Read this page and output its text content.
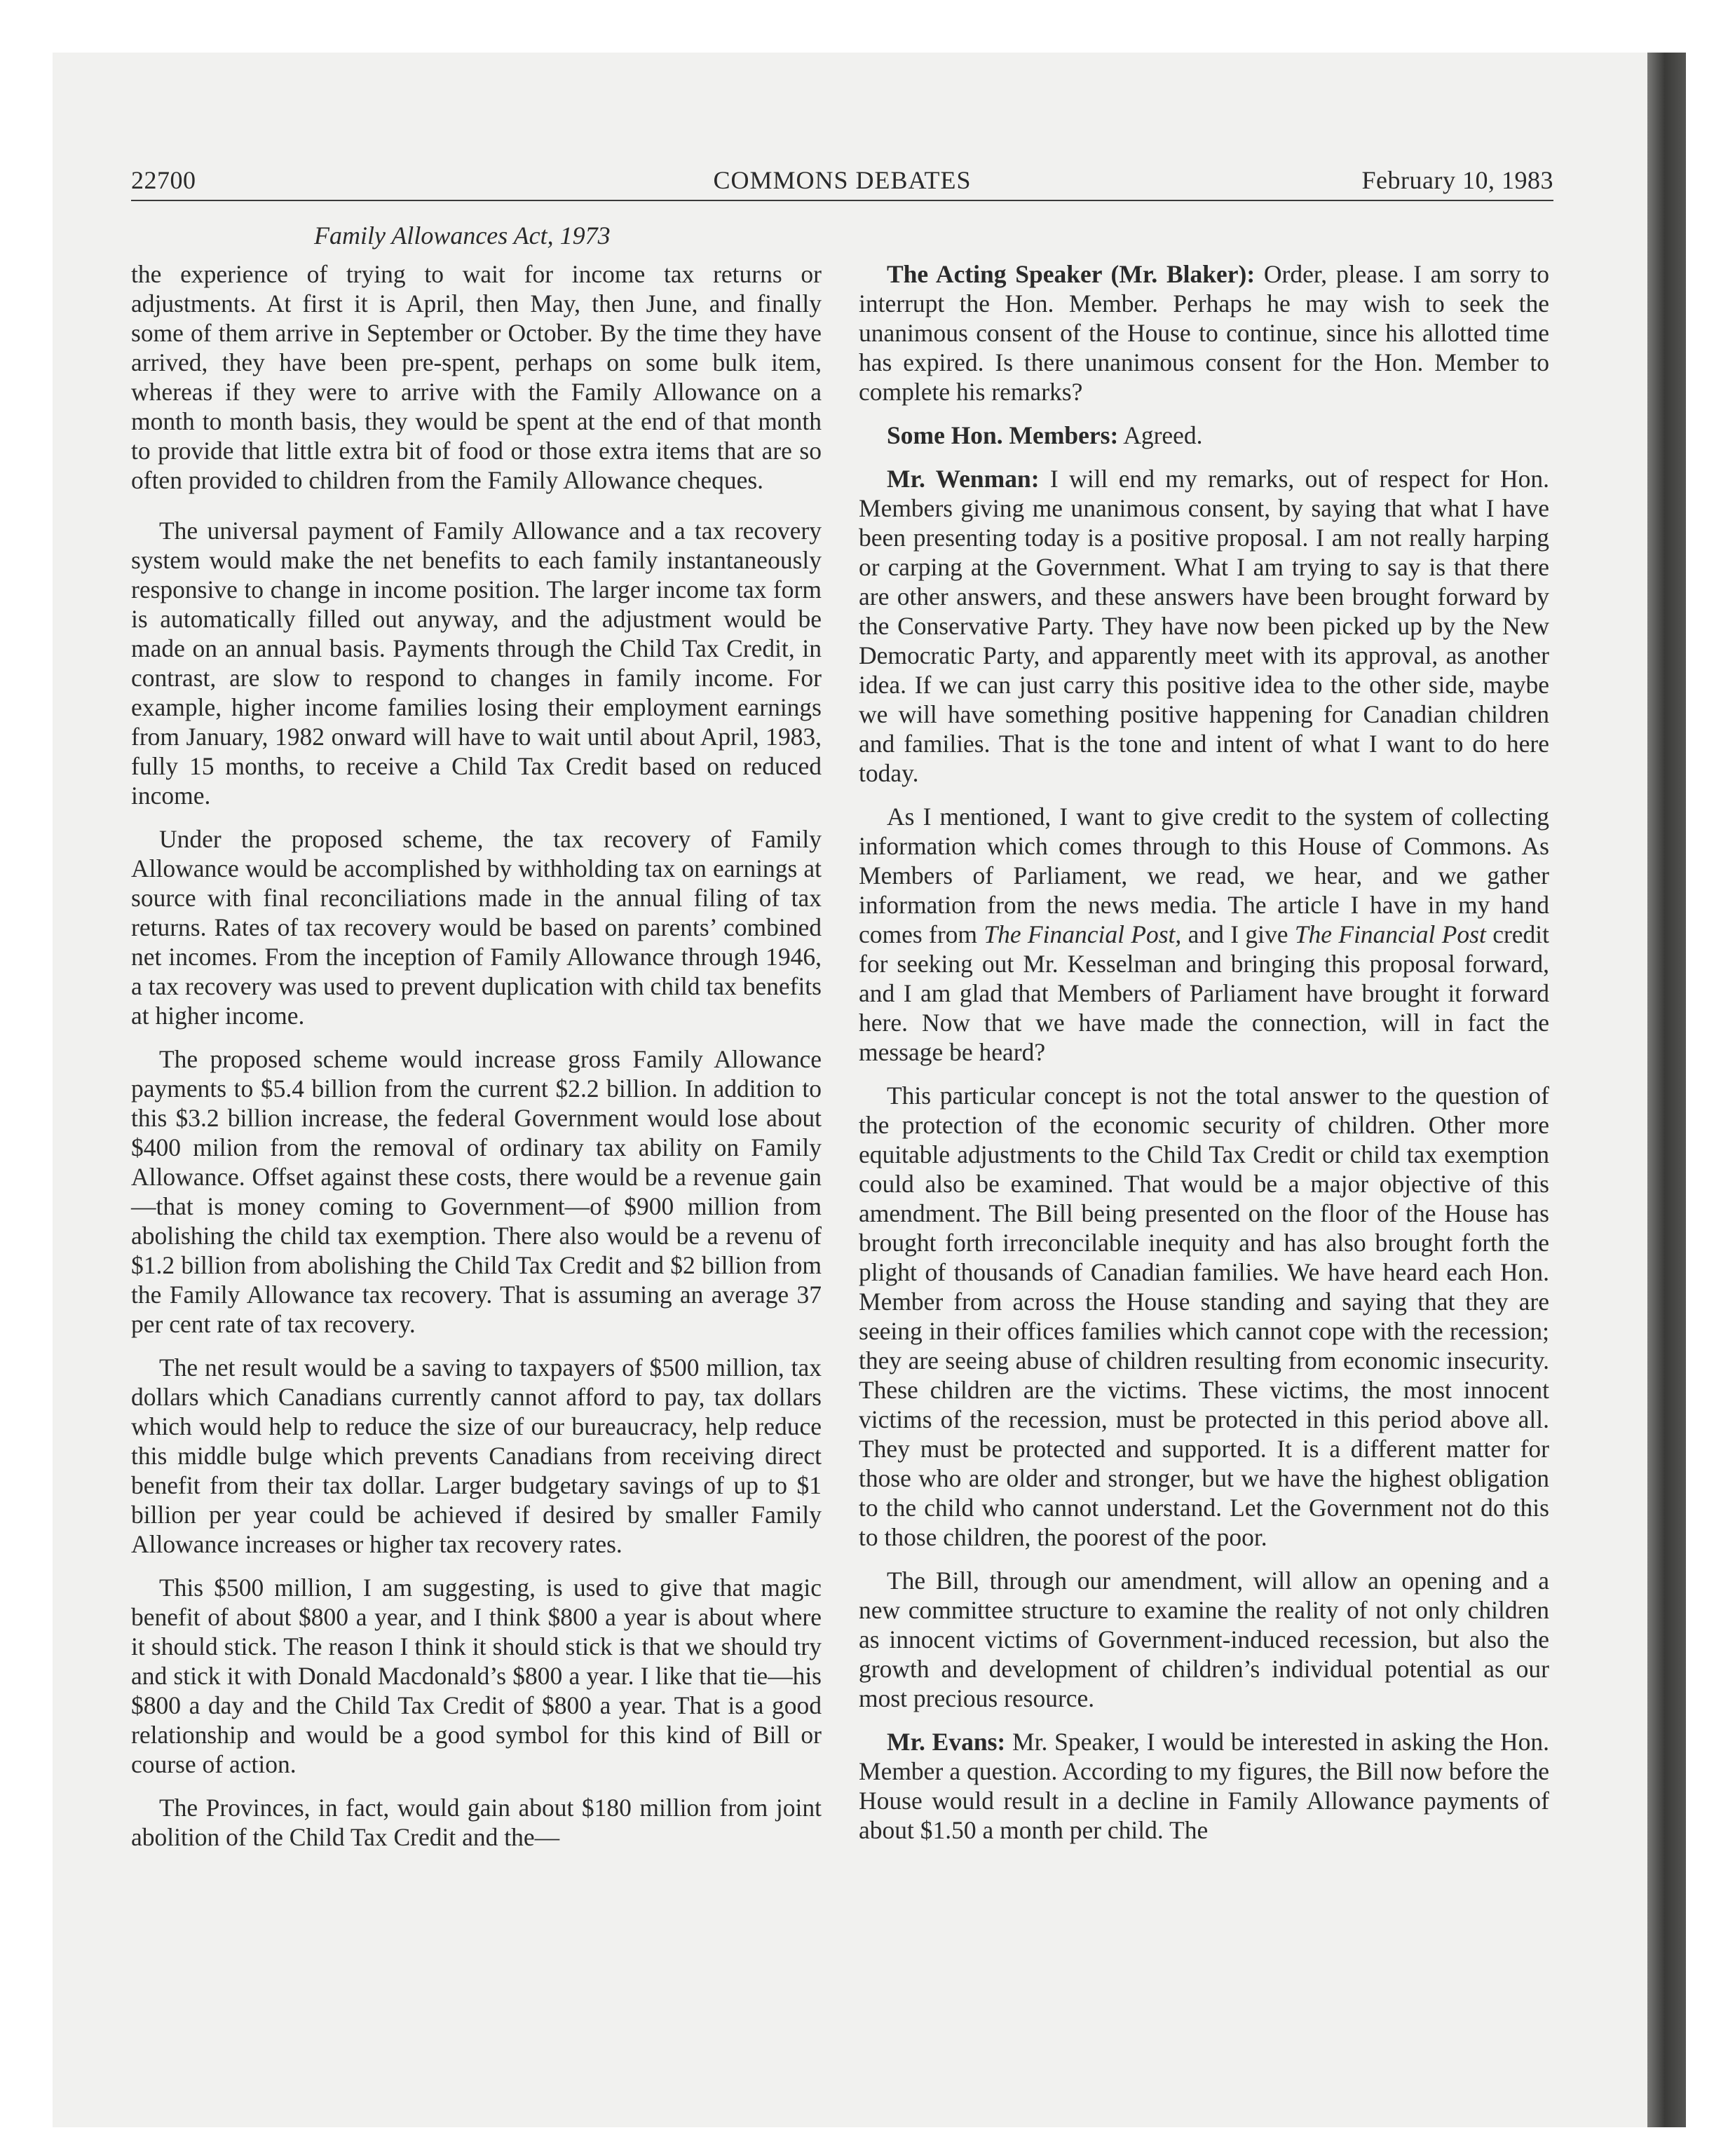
22700	COMMONS DEBATES	February 10, 1983
Family Allowances Act, 1973

the experience of trying to wait for income tax returns or adjustments. At first it is April, then May, then June, and finally some of them arrive in September or October. By the time they have arrived, they have been pre-spent, perhaps on some bulk item, whereas if they were to arrive with the Family Allowance on a month to month basis, they would be spent at the end of that month to provide that little extra bit of food or those extra items that are so often provided to children from the Family Allowance cheques.

The universal payment of Family Allowance and a tax recovery system would make the net benefits to each family instantaneously responsive to change in income position. The larger income tax form is automatically filled out anyway, and the adjustment would be made on an annual basis. Payments through the Child Tax Credit, in contrast, are slow to respond to changes in family income. For example, higher income families losing their employment earnings from January, 1982 onward will have to wait until about April, 1983, fully 15 months, to receive a Child Tax Credit based on reduced income.

Under the proposed scheme, the tax recovery of Family Allowance would be accomplished by withholding tax on earnings at source with final reconciliations made in the annual filing of tax returns. Rates of tax recovery would be based on parents’ combined net incomes. From the inception of Family Allowance through 1946, a tax recovery was used to prevent duplication with child tax benefits at higher income.

The proposed scheme would increase gross Family Allowance payments to $5.4 billion from the current $2.2 billion. In addition to this $3.2 billion increase, the federal Government would lose about $400 milion from the removal of ordinary tax ability on Family Allowance. Offset against these costs, there would be a revenue gain—that is money coming to Government—of $900 million from abolishing the child tax exemption. There also would be a revenu of $1.2 billion from abolishing the Child Tax Credit and $2 billion from the Family Allowance tax recovery. That is assuming an average 37 per cent rate of tax recovery.

The net result would be a saving to taxpayers of $500 million, tax dollars which Canadians currently cannot afford to pay, tax dollars which would help to reduce the size of our bureaucracy, help reduce this middle bulge which prevents Canadians from receiving direct benefit from their tax dollar. Larger budgetary savings of up to $1 billion per year could be achieved if desired by smaller Family Allowance increases or higher tax recovery rates.

This $500 million, I am suggesting, is used to give that magic benefit of about $800 a year, and I think $800 a year is about where it should stick. The reason I think it should stick is that we should try and stick it with Donald Macdonald’s $800 a year. I like that tie—his $800 a day and the Child Tax Credit of $800 a year. That is a good relationship and would be a good symbol for this kind of Bill or course of action.

The Provinces, in fact, would gain about $180 million from joint abolition of the Child Tax Credit and the—

The Acting Speaker (Mr. Blaker): Order, please. I am sorry to interrupt the Hon. Member. Perhaps he may wish to seek the unanimous consent of the House to continue, since his allotted time has expired. Is there unanimous consent for the Hon. Member to complete his remarks?

Some Hon. Members: Agreed.

Mr. Wenman: I will end my remarks, out of respect for Hon. Members giving me unanimous consent, by saying that what I have been presenting today is a positive proposal. I am not really harping or carping at the Government. What I am trying to say is that there are other answers, and these answers have been brought forward by the Conservative Party. They have now been picked up by the New Democratic Party, and apparently meet with its approval, as another idea. If we can just carry this positive idea to the other side, maybe we will have something positive happening for Canadian children and families. That is the tone and intent of what I want to do here today.

As I mentioned, I want to give credit to the system of collecting information which comes through to this House of Commons. As Members of Parliament, we read, we hear, and we gather information from the news media. The article I have in my hand comes from The Financial Post, and I give The Financial Post credit for seeking out Mr. Kesselman and bringing this proposal forward, and I am glad that Members of Parliament have brought it forward here. Now that we have made the connection, will in fact the message be heard?

This particular concept is not the total answer to the question of the protection of the economic security of children. Other more equitable adjustments to the Child Tax Credit or child tax exemption could also be examined. That would be a major objective of this amendment. The Bill being presented on the floor of the House has brought forth irreconcilable inequity and has also brought forth the plight of thousands of Canadian families. We have heard each Hon. Member from across the House standing and saying that they are seeing in their offices families which cannot cope with the recession; they are seeing abuse of children resulting from economic insecurity. These children are the victims. These victims, the most innocent victims of the recession, must be protected in this period above all. They must be protected and supported. It is a different matter for those who are older and stronger, but we have the highest obligation to the child who cannot understand. Let the Government not do this to those children, the poorest of the poor.

The Bill, through our amendment, will allow an opening and a new committee structure to examine the reality of not only children as innocent victims of Government-induced recession, but also the growth and development of children’s individual potential as our most precious resource.

Mr. Evans: Mr. Speaker, I would be interested in asking the Hon. Member a question. According to my figures, the Bill now before the House would result in a decline in Family Allowance payments of about $1.50 a month per child. The
